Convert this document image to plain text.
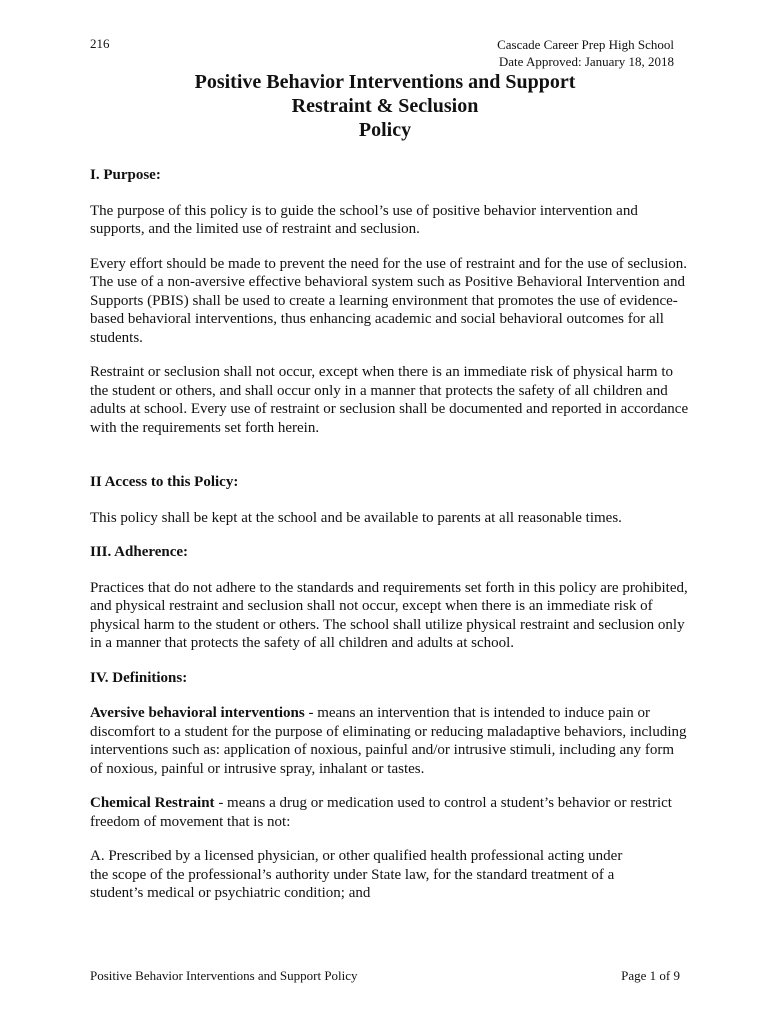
216	Cascade Career Prep High School
Date Approved: January 18, 2018
Positive Behavior Interventions and Support
Restraint & Seclusion
Policy
I. Purpose:

The purpose of this policy is to guide the school’s use of positive behavior intervention and supports, and the limited use of restraint and seclusion.

Every effort should be made to prevent the need for the use of restraint and for the use of seclusion. The use of a non-aversive effective behavioral system such as Positive Behavioral Intervention and Supports (PBIS) shall be used to create a learning environment that promotes the use of evidence- based behavioral interventions, thus enhancing academic and social behavioral outcomes for all students.

Restraint or seclusion shall not occur, except when there is an immediate risk of physical harm to the student or others, and shall occur only in a manner that protects the safety of all children and adults at school. Every use of restraint or seclusion shall be documented and reported in accordance with the requirements set forth herein.

II Access to this Policy:

This policy shall be kept at the school and be available to parents at all reasonable times.

III. Adherence:

Practices that do not adhere to the standards and requirements set forth in this policy are prohibited, and physical restraint and seclusion shall not occur, except when there is an immediate risk of physical harm to the student or others. The school shall utilize physical restraint and seclusion only in a manner that protects the safety of all children and adults at school.

IV. Definitions:

Aversive behavioral interventions - means an intervention that is intended to induce pain or discomfort to a student for the purpose of eliminating or reducing maladaptive behaviors, including interventions such as: application of noxious, painful and/or intrusive stimuli, including any form of noxious, painful or intrusive spray, inhalant or tastes.

Chemical Restraint - means a drug or medication used to control a student’s behavior or restrict freedom of movement that is not:

A. Prescribed by a licensed physician, or other qualified health professional acting under the scope of the professional’s authority under State law, for the standard treatment of a student’s medical or psychiatric condition; and

Positive Behavior Interventions and Support Policy	Page 1 of 9
